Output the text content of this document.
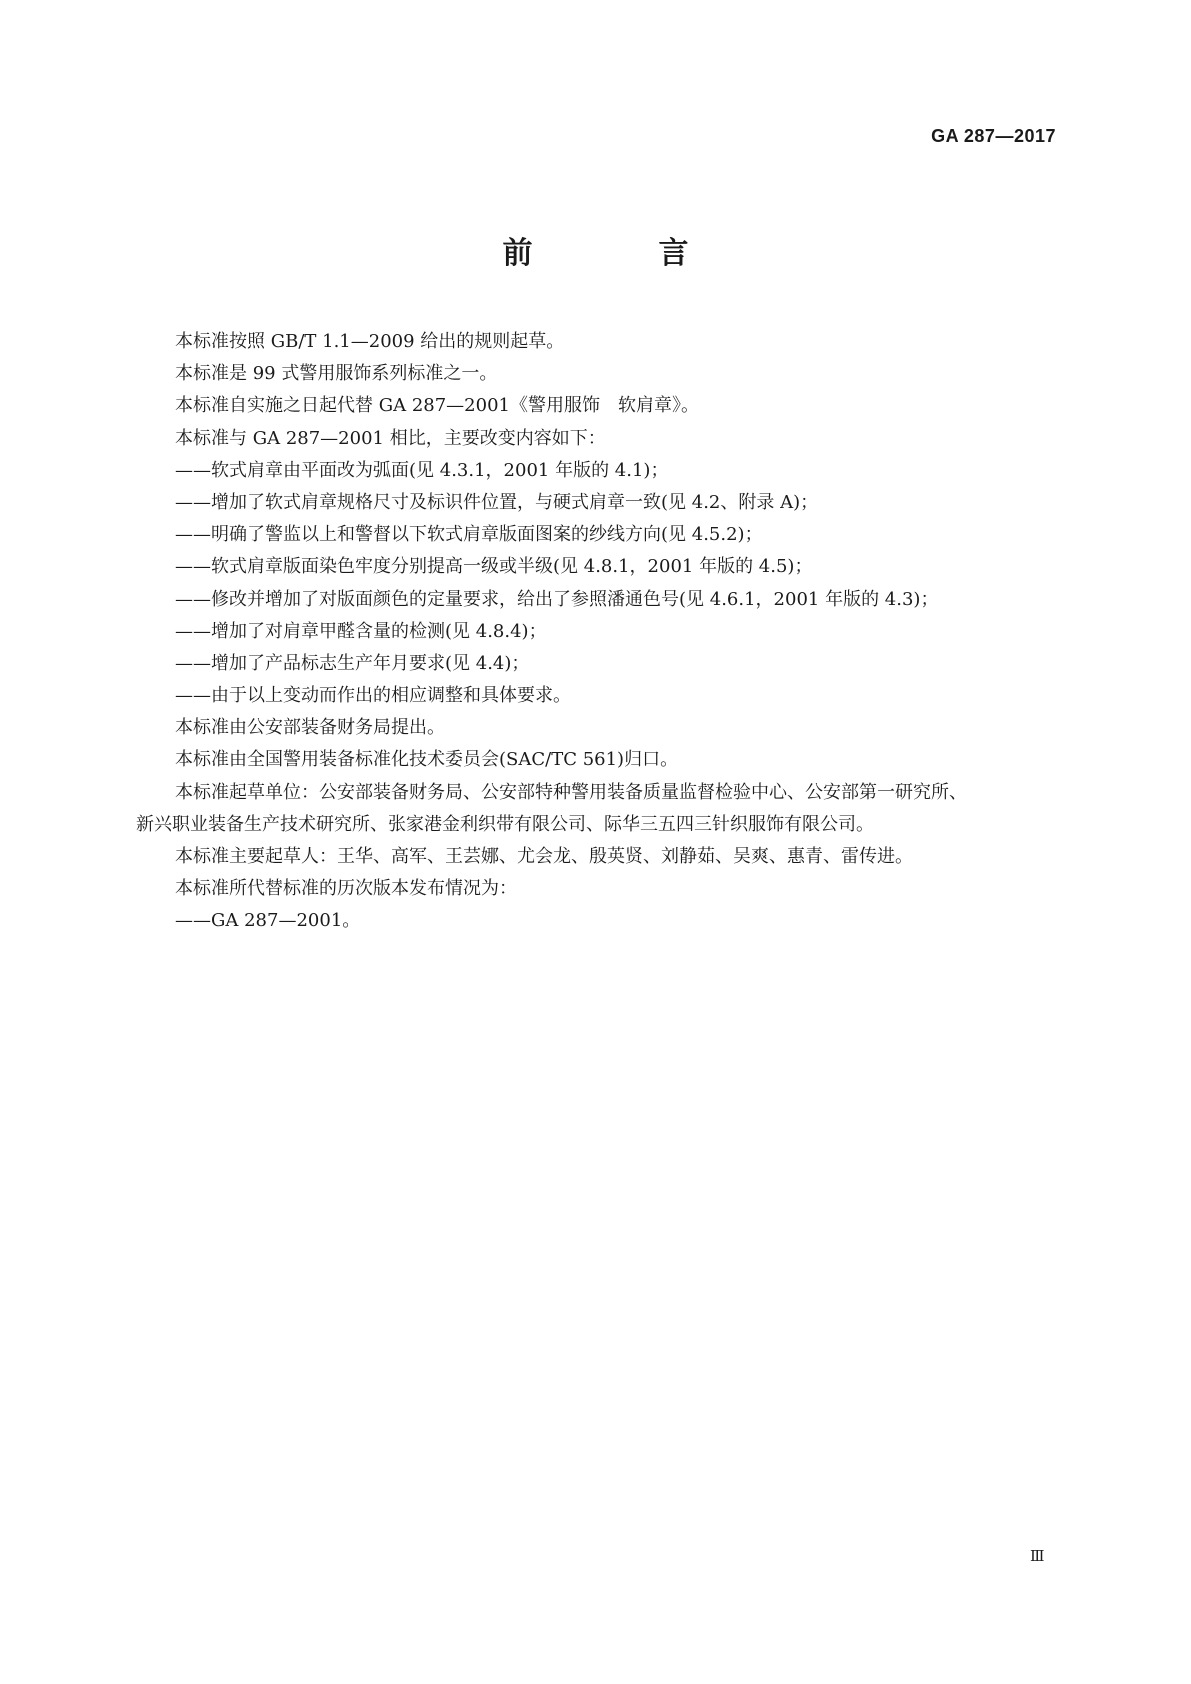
GA 287—2017
前　言
本标准按照 GB/T 1.1—2009 给出的规则起草。
本标准是 99 式警用服饰系列标准之一。
本标准自实施之日起代替 GA 287—2001《警用服饰　软肩章》。
本标准与 GA 287—2001 相比，主要改变内容如下：
——软式肩章由平面改为弧面(见 4.3.1，2001 年版的 4.1)；
——增加了软式肩章规格尺寸及标识件位置，与硬式肩章一致(见 4.2、附录 A)；
——明确了警监以上和警督以下软式肩章版面图案的纱线方向(见 4.5.2)；
——软式肩章版面染色牢度分别提高一级或半级(见 4.8.1，2001 年版的 4.5)；
——修改并增加了对版面颜色的定量要求，给出了参照潘通色号(见 4.6.1，2001 年版的 4.3)；
——增加了对肩章甲醛含量的检测(见 4.8.4)；
——增加了产品标志生产年月要求(见 4.4)；
——由于以上变动而作出的相应调整和具体要求。
本标准由公安部装备财务局提出。
本标准由全国警用装备标准化技术委员会(SAC/TC 561)归口。
本标准起草单位：公安部装备财务局、公安部特种警用装备质量监督检验中心、公安部第一研究所、
新兴职业装备生产技术研究所、张家港金利织带有限公司、际华三五四三针织服饰有限公司。
本标准主要起草人：王华、高军、王芸娜、尤会龙、殷英贤、刘静茹、吴爽、惠青、雷传进。
本标准所代替标准的历次版本发布情况为：
——GA 287—2001。
Ⅲ
